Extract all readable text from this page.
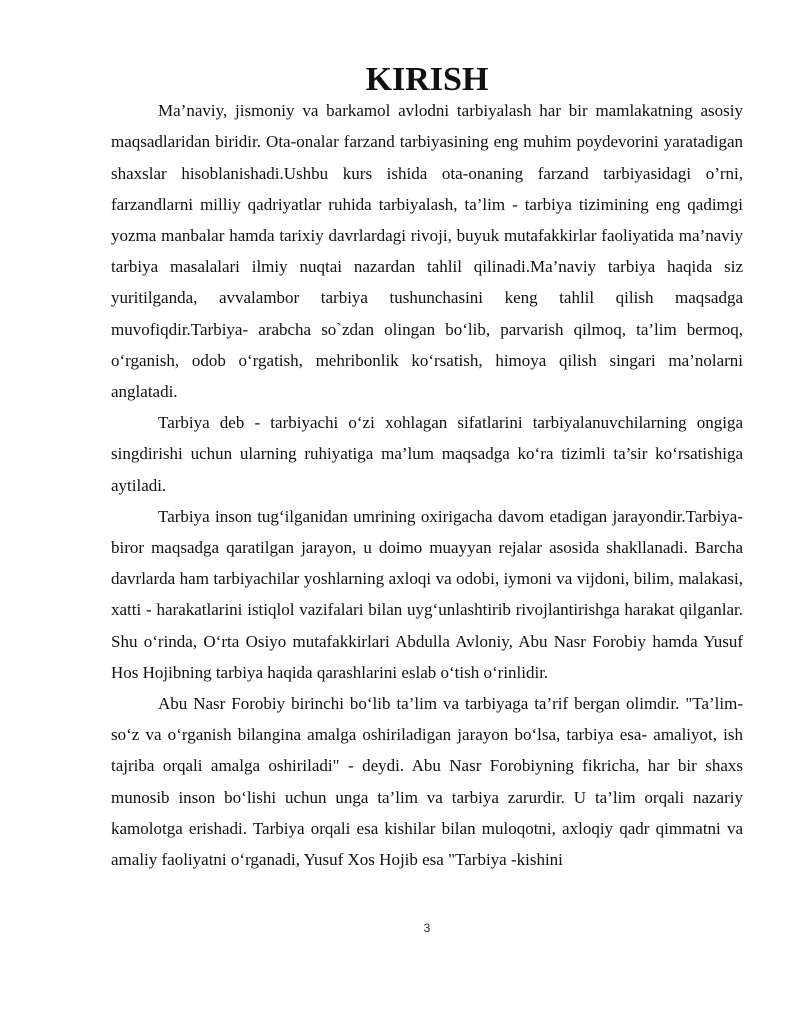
KIRISH

Ma’naviy, jismoniy va barkamol avlodni tarbiyalash har bir mamlakatning asosiy maqsadlaridan biridir. Ota-onalar farzand tarbiyasining eng muhim poydevorini yaratadigan shaxslar hisoblanishadi.Ushbu kurs ishida ota-onaning farzand tarbiyasidagi o’rni, farzandlarni milliy qadriyatlar ruhida tarbiyalash, ta’lim - tarbiya tizimining eng qadimgi yozma manbalar hamda tarixiy davrlardagi rivoji, buyuk mutafakkirlar faoliyatida ma’naviy tarbiya masalalari ilmiy nuqtai nazardan tahlil qilinadi.Ma’naviy tarbiya haqida siz yuritilganda, avvalambor tarbiya tushunchasini keng tahlil qilish maqsadga muvofiqdir.Tarbiya- arabcha so`zdan olingan bo‘lib, parvarish qilmoq, ta’lim bermoq, o‘rganish, odob o‘rgatish, mehribonlik ko‘rsatish, himoya qilish singari ma’nolarni anglatadi.

Tarbiya deb - tarbiyachi o‘zi xohlagan sifatlarini tarbiyalanuvchilarning ongiga singdirishi uchun ularning ruhiyatiga ma’lum maqsadga ko‘ra tizimli ta’sir ko‘rsatishiga aytiladi.

Tarbiya inson tug‘ilganidan umrining oxirigacha davom etadigan jarayondir.Tarbiya-biror maqsadga qaratilgan jarayon, u doimo muayyan rejalar asosida shakllanadi. Barcha davrlarda ham tarbiyachilar yoshlarning axloqi va odobi, iymoni va vijdoni, bilim, malakasi, xatti - harakatlarini istiqlol vazifalari bilan uyg‘unlashtirib rivojlantirishga harakat qilganlar. Shu o‘rinda, O‘rta Osiyo mutafakkirlari Abdulla Avloniy, Abu Nasr Forobiy hamda Yusuf Hos Hojibning tarbiya haqida qarashlarini eslab o‘tish o‘rinlidir.

Abu Nasr Forobiy birinchi bo‘lib ta’lim va tarbiyaga ta’rif bergan olimdir. "Ta’lim- so‘z va o‘rganish bilangina amalga oshiriladigan jarayon bo‘lsa, tarbiya esa- amaliyot, ish tajriba orqali amalga oshiriladi" - deydi. Abu Nasr Forobiyning fikricha, har bir shaxs munosib inson bo‘lishi uchun unga ta’lim va tarbiya zarurdir. U ta’lim orqali nazariy kamolotga erishadi. Tarbiya orqali esa kishilar bilan muloqotni, axloqiy qadr qimmatni va amaliy faoliyatni o‘rganadi, Yusuf Xos Hojib esa "Tarbiya -kishini

3
